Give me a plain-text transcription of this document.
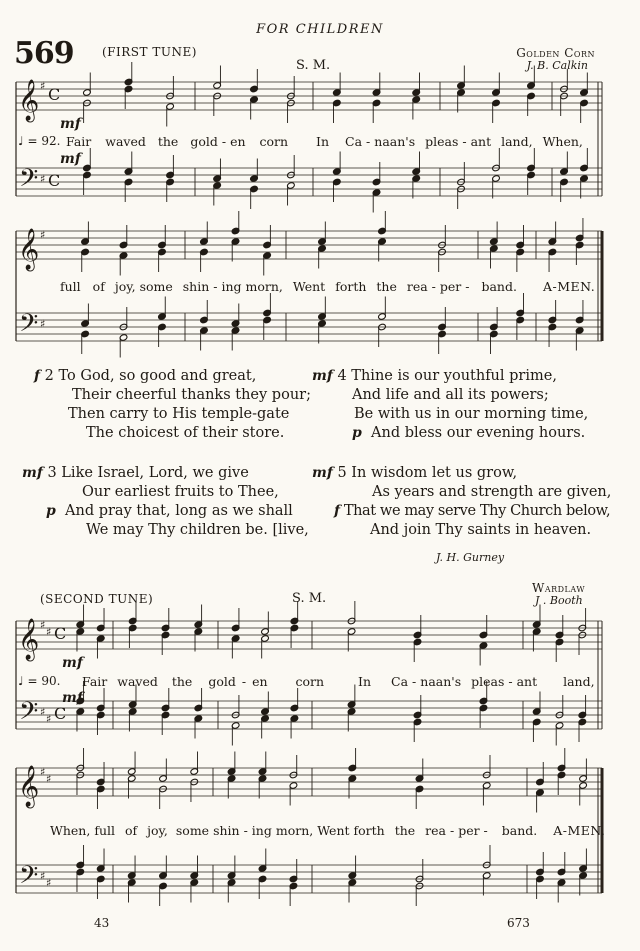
FOR CHILDREN
569 (FIRST TUNE)
S. M.
Golden Corn
J. B. Calkin
𝄞
𝄢
♯
♯
C
C
mf
♩ = 92.
mf
Fair waved the gold - en corn In Ca - naan's pleas - ant land, When,
𝄞
𝄢
♯
♯
full of joy, some shin - ing morn, Went forth the rea - per - band. A-MEN.
f 2 To God, so good and great,
Their cheerful thanks they pour;
Then carry to His temple-gate
The choicest of their store.
mf 3 Like Israel, Lord, we give
Our earliest fruits to Thee,
p And pray that, long as we shall
We may Thy children be. [live,
mf 4 Thine is our youthful prime,
And life and all its powers;
Be with us in our morning time,
p And bless our evening hours.
mf 5 In wisdom let us grow,
As years and strength are given,
f That we may serve Thy Church below,
And join Thy saints in heaven.
J. H. Gurney
(SECOND TUNE)	S. M.
Wardlaw
J . Booth
𝄞
𝄢
♯
♯
♯
♯
C
C
mf
♩ = 90.
mf
Fair waved the gold - en corn	In Ca - naan's pleas - ant land,
𝄞
𝄢
♯
♯
♯
♯
When, full of joy, some shin - ing morn, Went forth the rea - per - band. A-MEN.
43	673
